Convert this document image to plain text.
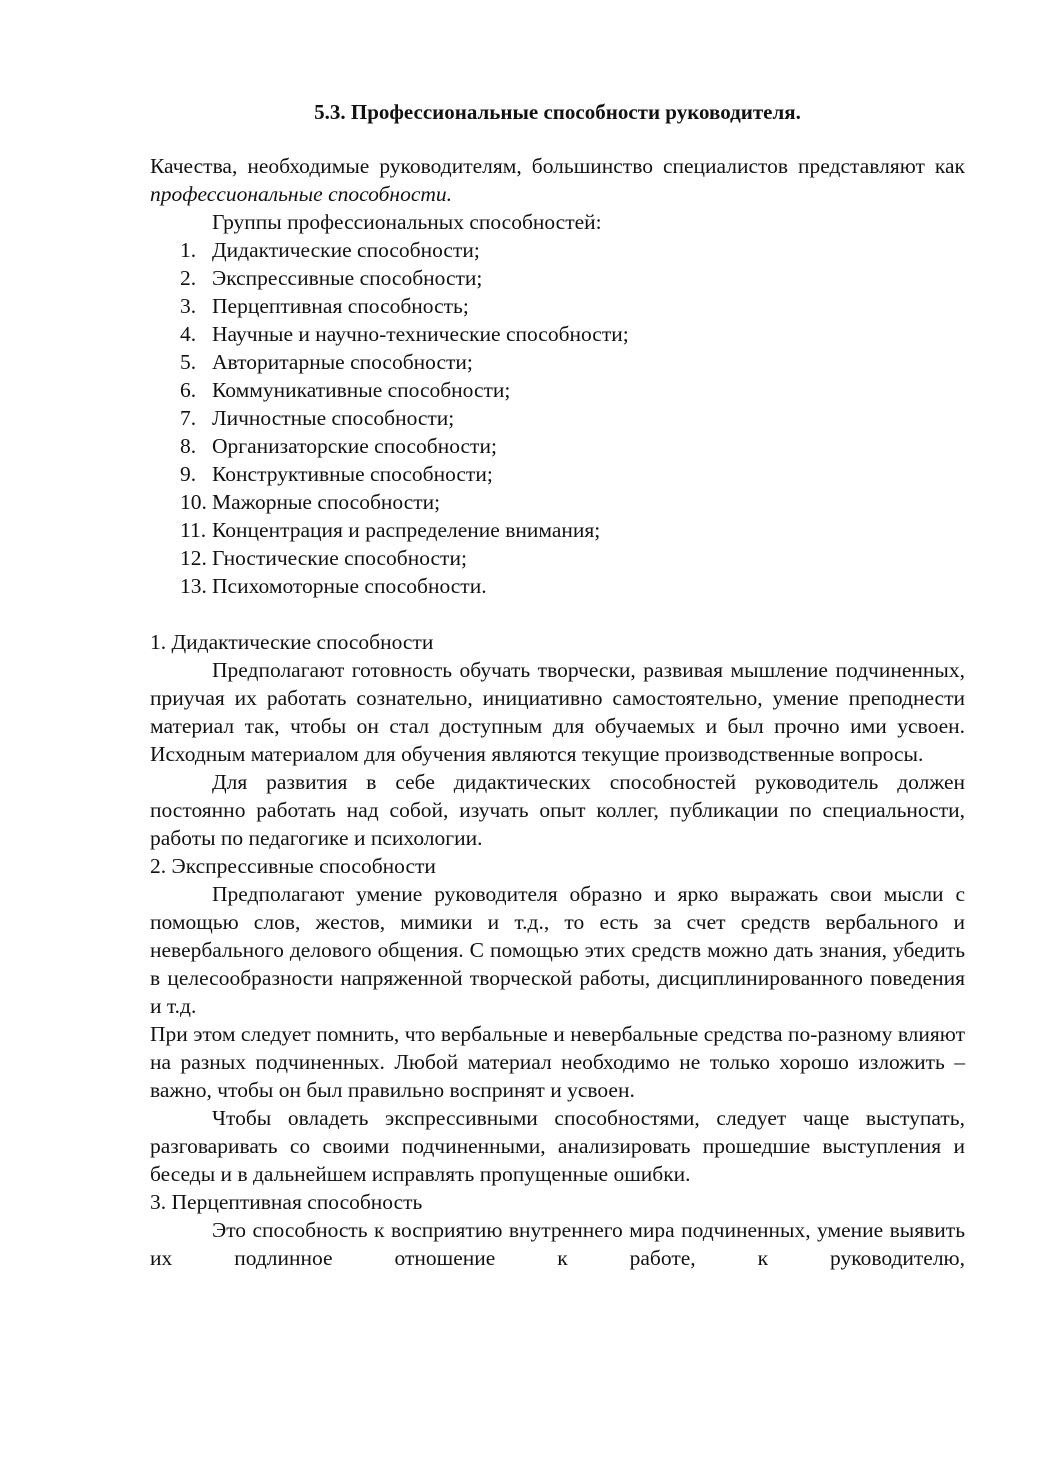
5.3. Профессиональные способности руководителя.

Качества, необходимые руководителям, большинство специалистов представляют как профессиональные способности.

Группы профессиональных способностей:

1. Дидактические способности;
2. Экспрессивные способности;
3. Перцептивная способность;
4. Научные и научно-технические способности;
5. Авторитарные способности;
6. Коммуникативные способности;
7. Личностные способности;
8. Организаторские способности;
9. Конструктивные способности;
10. Мажорные способности;
11. Концентрация и распределение внимания;
12. Гностические способности;
13. Психомоторные способности.

1. Дидактические способности

Предполагают готовность обучать творчески, развивая мышление подчиненных, приучая их работать сознательно, инициативно самостоятельно, умение преподнести материал так, чтобы он стал доступным для обучаемых и был прочно ими усвоен. Исходным материалом для обучения являются текущие производственные вопросы.

Для развития в себе дидактических способностей руководитель должен постоянно работать над собой, изучать опыт коллег, публикации по специальности, работы по педагогике и психологии.

2. Экспрессивные способности

Предполагают умение руководителя образно и ярко выражать свои мысли с помощью слов, жестов, мимики и т.д., то есть за счет средств вербального и невербального делового общения. С помощью этих средств можно дать знания, убедить в целесообразности напряженной творческой работы, дисциплинированного поведения и т.д.

При этом следует помнить, что вербальные и невербальные средства по-разному влияют на разных подчиненных. Любой материал необходимо не только хорошо изложить – важно, чтобы он был правильно воспринят и усвоен.

Чтобы овладеть экспрессивными способностями, следует чаще выступать, разговаривать со своими подчиненными, анализировать прошедшие выступления и беседы и в дальнейшем исправлять пропущенные ошибки.

3. Перцептивная способность

Это способность к восприятию внутреннего мира подчиненных, умение выявить их подлинное отношение к работе, к руководителю,
